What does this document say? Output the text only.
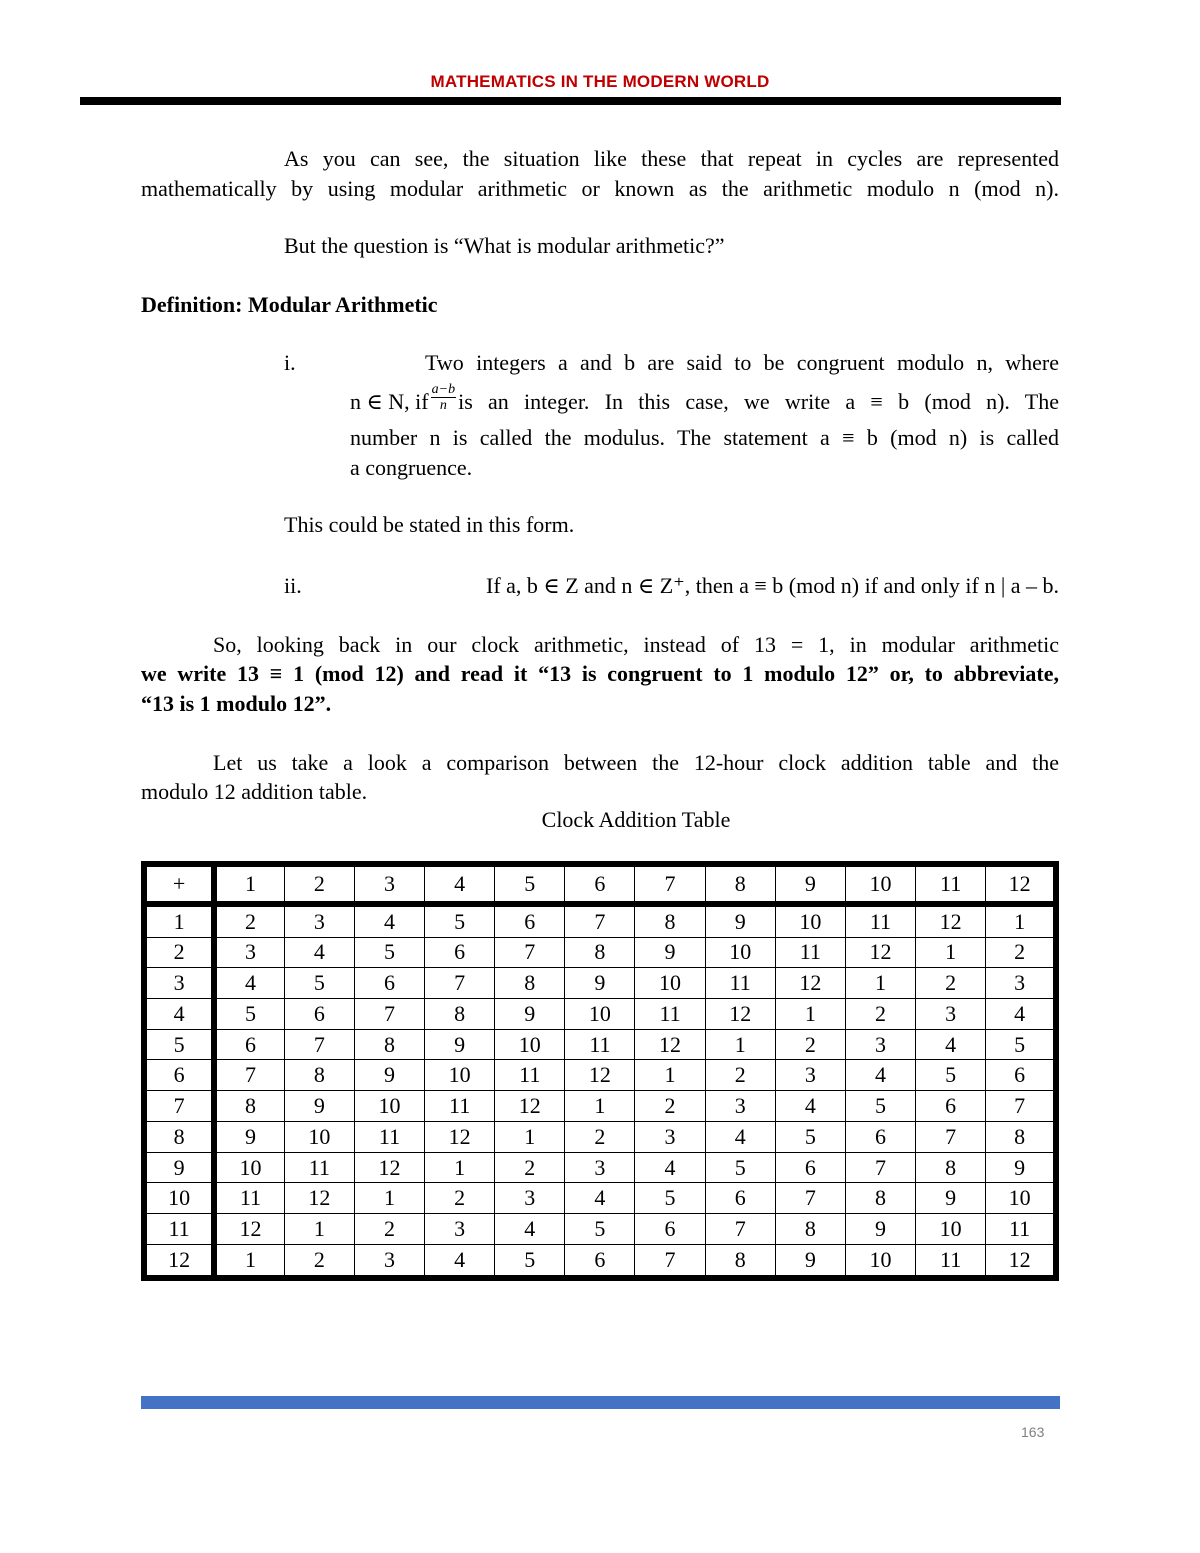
MATHEMATICS IN THE MODERN WORLD
As you can see, the situation like these that repeat in cycles are represented
mathematically by using modular arithmetic or known as the arithmetic modulo n (mod n).
But the question is “What is modular arithmetic?”
Definition: Modular Arithmetic
i.	Two integers a and b are said to be congruent modulo n, where
n ∈ N, if $\frac{a-b}{n}$ is an integer. In this case, we write a ≡ b (mod n). The
number n is called the modulus. The statement a ≡ b (mod n) is called
a congruence.
This could be stated in this form.
ii.	If a, b ∈ Z and n ∈ Z⁺, then a ≡ b (mod n) if and only if n | a – b.
So, looking back in our clock arithmetic, instead of 13 = 1, in modular arithmetic
we write 13 ≡ 1 (mod 12) and read it “13 is congruent to 1 modulo 12” or, to abbreviate,
“13 is 1 modulo 12”.
Let us take a look a comparison between the 12-hour clock addition table and the
modulo 12 addition table.
Clock Addition Table
+	1	2	3	4	5	6	7	8	9	10	11	12
1	2	3	4	5	6	7	8	9	10	11	12	1
2	3	4	5	6	7	8	9	10	11	12	1	2
3	4	5	6	7	8	9	10	11	12	1	2	3
4	5	6	7	8	9	10	11	12	1	2	3	4
5	6	7	8	9	10	11	12	1	2	3	4	5
6	7	8	9	10	11	12	1	2	3	4	5	6
7	8	9	10	11	12	1	2	3	4	5	6	7
8	9	10	11	12	1	2	3	4	5	6	7	8
9	10	11	12	1	2	3	4	5	6	7	8	9
10	11	12	1	2	3	4	5	6	7	8	9	10
11	12	1	2	3	4	5	6	7	8	9	10	11
12	1	2	3	4	5	6	7	8	9	10	11	12
163
